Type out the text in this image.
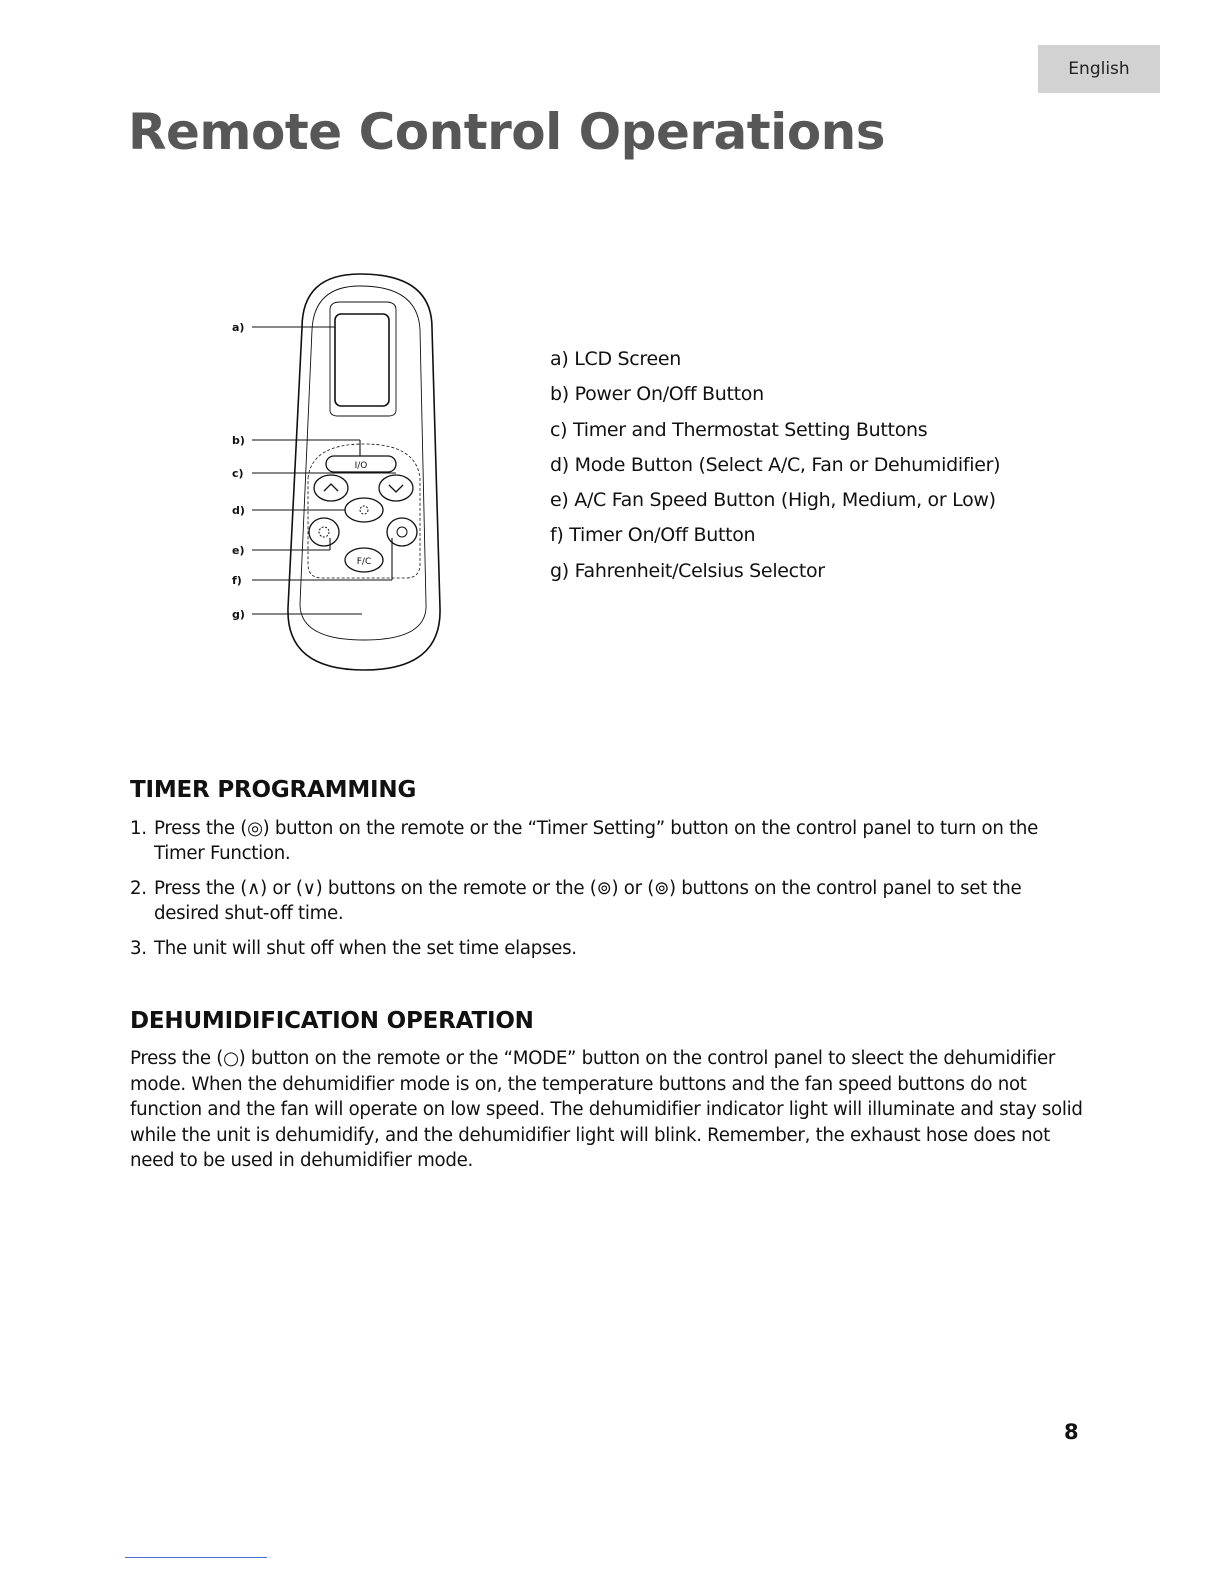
English
Remote Control Operations
a)
b)
c)
d)
e)
f)
g)
I/O
F/C
a) LCD Screen
b) Power On/Off Button
c) Timer and Thermostat Setting Buttons
d) Mode Button (Select A/C, Fan or Dehumidifier)
e) A/C Fan Speed Button (High, Medium, or Low)
f) Timer On/Off Button
g) Fahrenheit/Celsius Selector
TIMER PROGRAMMING
1. Press the (◎) button on the remote or the “Timer Setting” button on the control panel to turn on the Timer Function.
2. Press the (∧) or (∨) buttons on the remote or the (⊚) or (⊚) buttons on the control panel to set the desired shut-off time.
3. The unit will shut off when the set time elapses.
DEHUMIDIFICATION OPERATION

Press the (○) button on the remote or the “MODE” button on the control panel to sleect the dehumidifier mode. When the dehumidifier mode is on, the temperature buttons and the fan speed buttons do not function and the fan will operate on low speed. The dehumidifier indicator light will illuminate and stay solid while the unit is dehumidify, and the dehumidifier light will blink. Remember, the exhaust hose does not need to be used in dehumidifier mode.

8
